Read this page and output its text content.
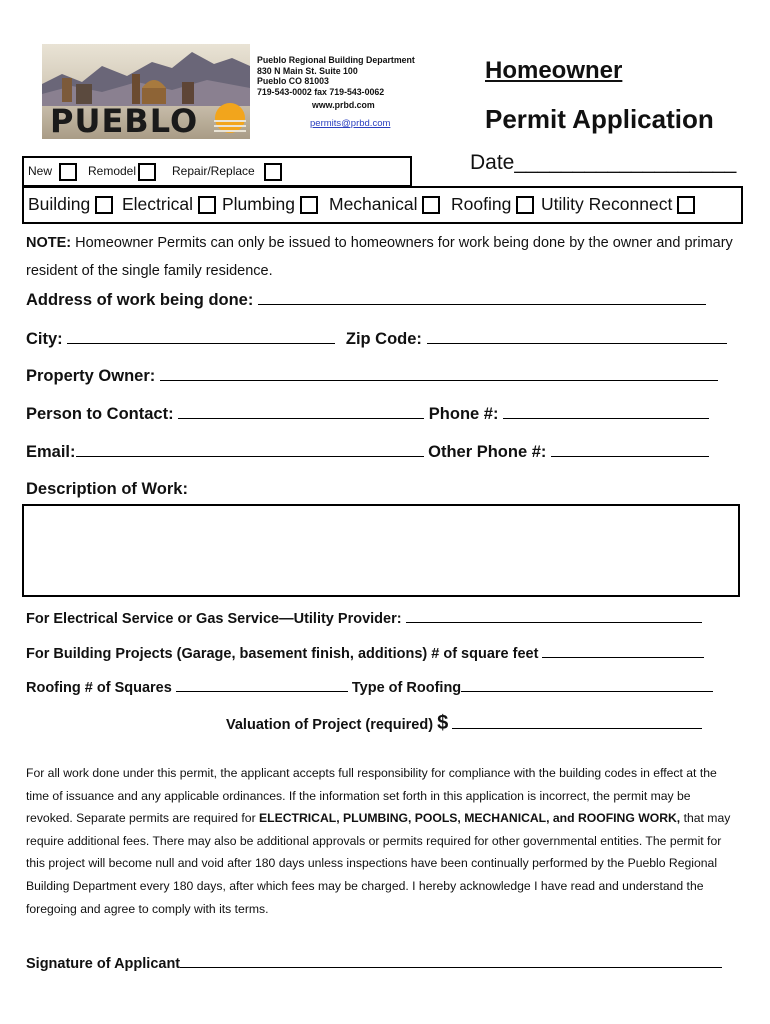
PUEBLO
Pueblo Regional Building Department
830 N Main St. Suite 100
Pueblo CO 81003
719-543-0002 fax 719-543-0062
www.prbd.com
permits@prbd.com
Homeowner
Permit Application
Date___________________
New	Remodel	Repair/Replace
Building	Electrical	Plumbing	Mechanical	Roofing	Utility Reconnect
NOTE: Homeowner Permits can only be issued to homeowners for work being done by the owner and primary resident of the single family residence.
Address of work being done:
City:	Zip Code:
Property Owner:
Person to Contact:	Phone #:
Email:	Other Phone #:
Description of Work:
For Electrical Service or Gas Service—Utility Provider:
For Building Projects (Garage, basement finish, additions) # of square feet
Roofing # of Squares	Type of Roofing
Valuation of Project (required) $
For all work done under this permit, the applicant accepts full responsibility for compliance with the building codes in effect at the time of issuance and any applicable ordinances. If the information set forth in this application is incorrect, the permit may be revoked. Separate permits are required for ELECTRICAL, PLUMBING, POOLS, MECHANICAL, and ROOFING WORK, that may require additional fees. There may also be additional approvals or permits required for other governmental entities. The permit for this project will become null and void after 180 days unless inspections have been continually performed by the Pueblo Regional Building Department every 180 days, after which fees may be charged. I hereby acknowledge I have read and understand the foregoing and agree to comply with its terms.
Signature of Applicant
